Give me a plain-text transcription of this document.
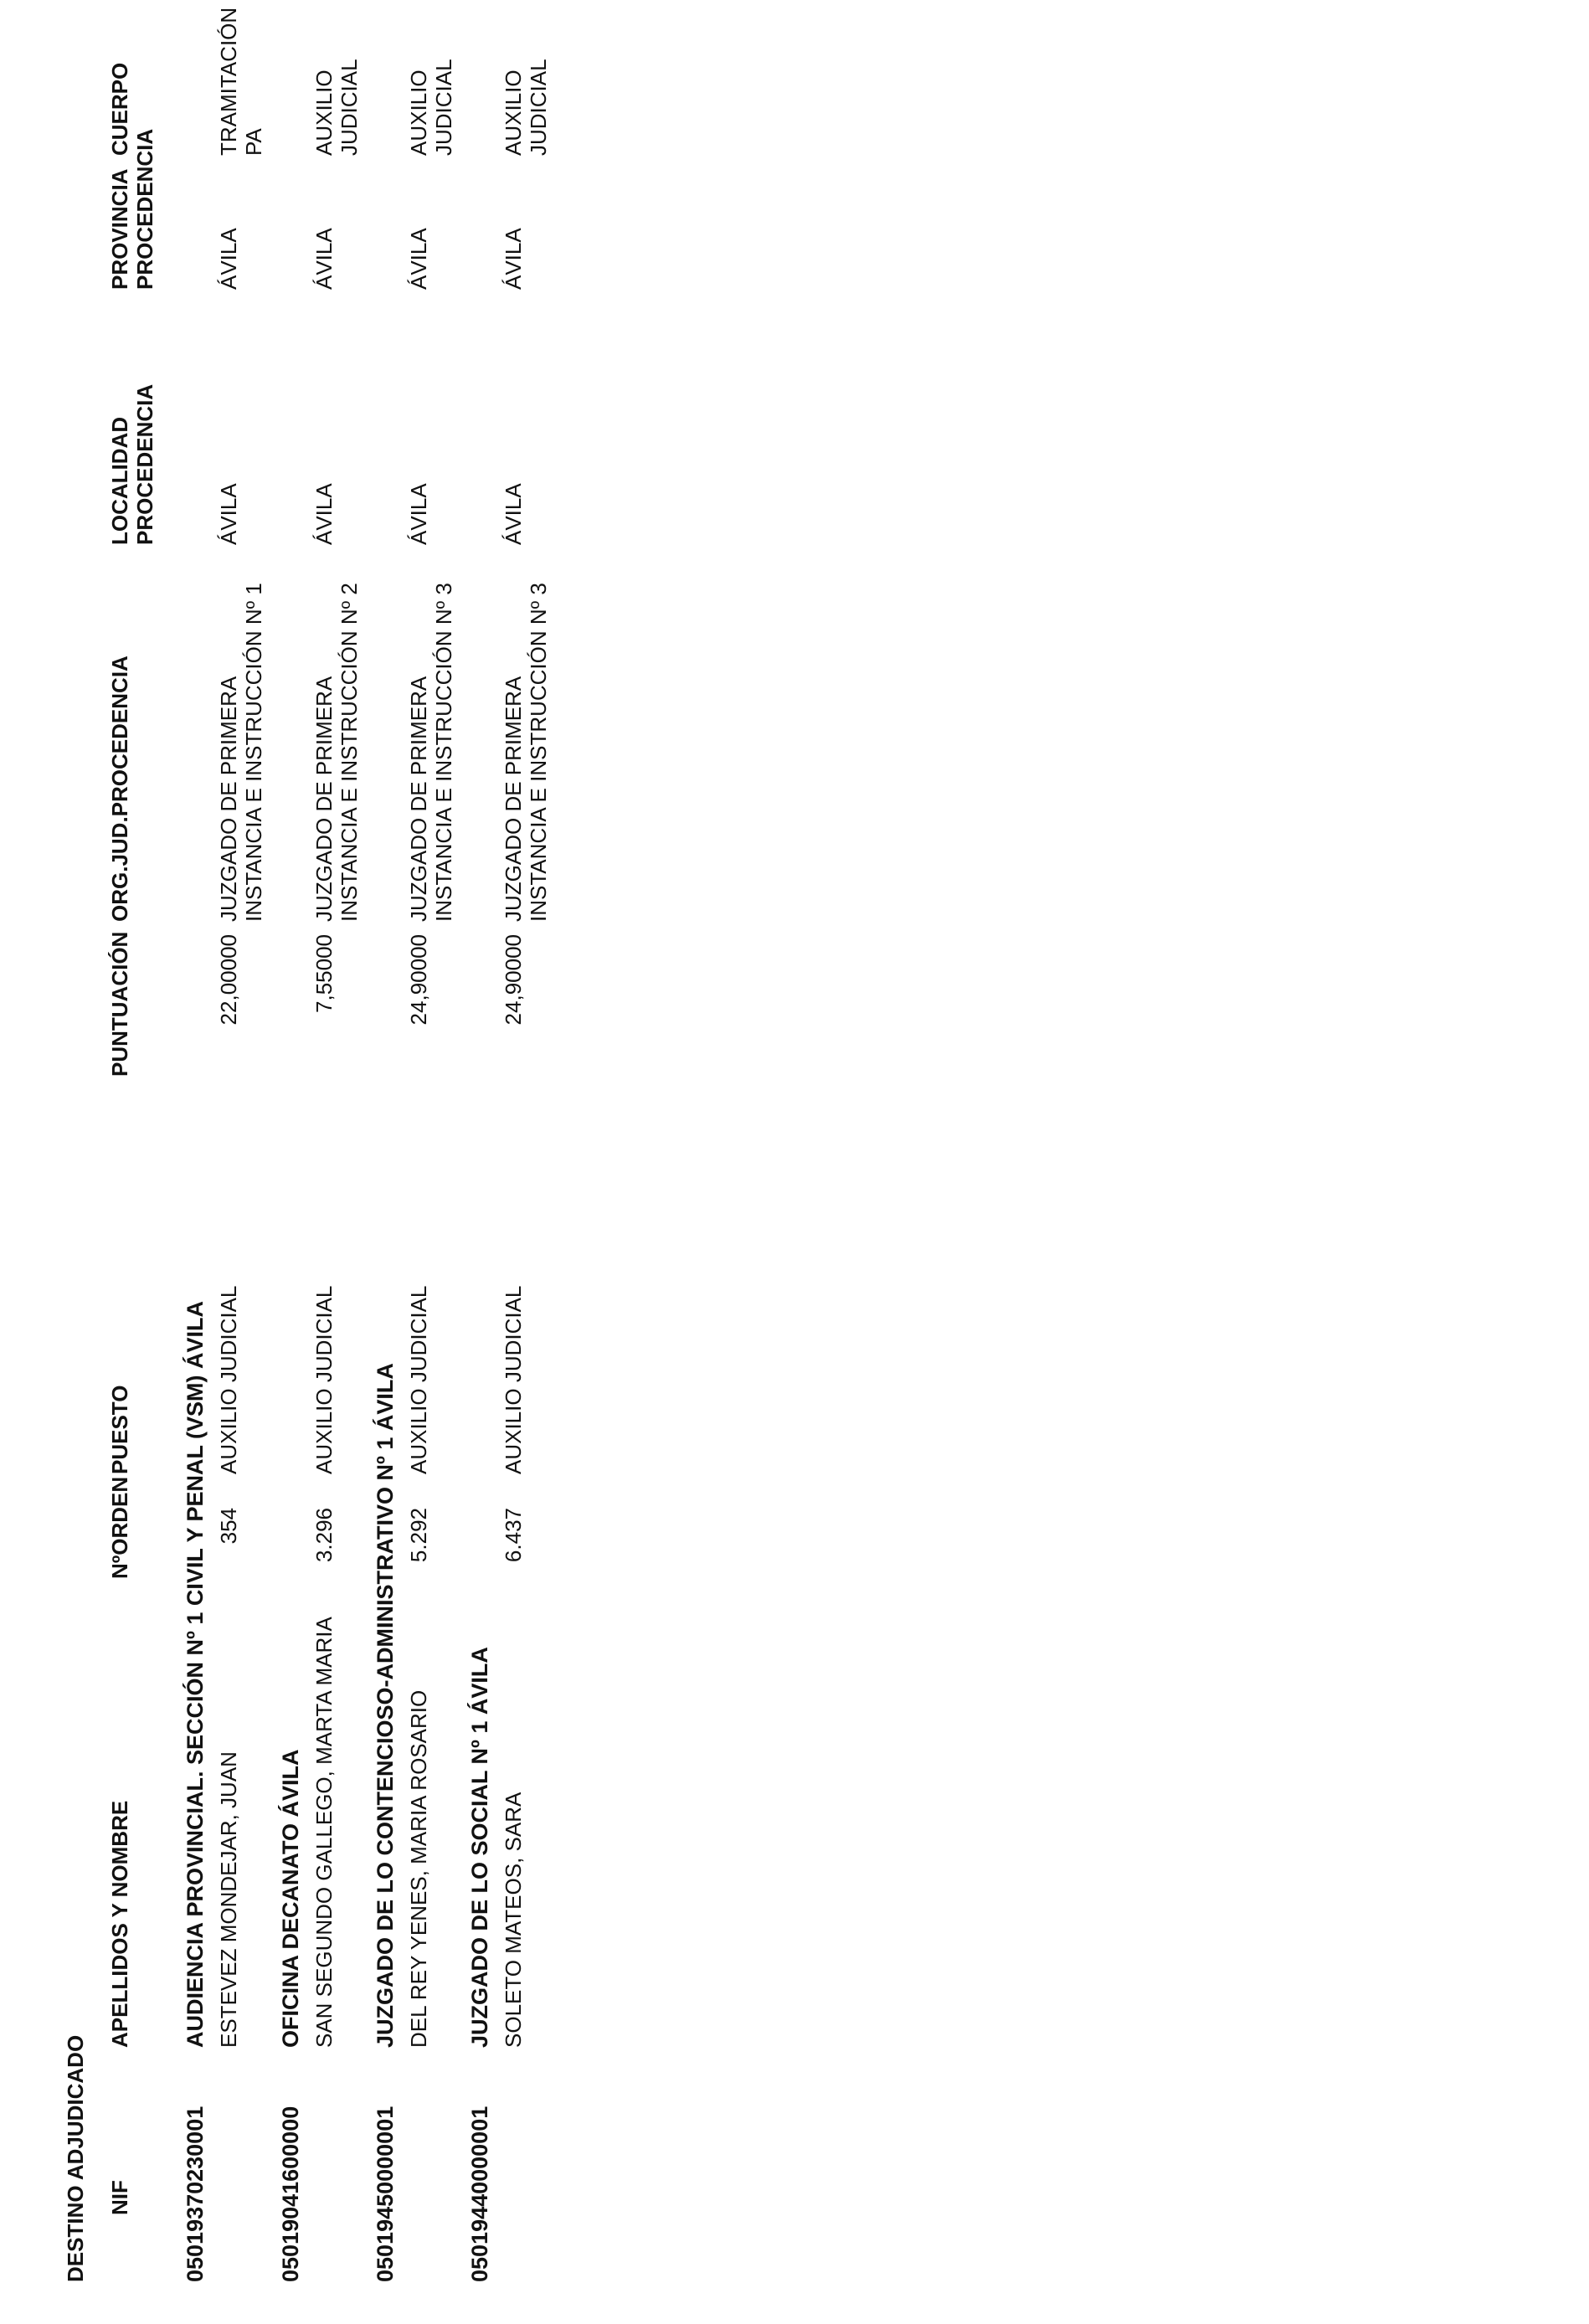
DESTINO ADJUDICADO NIF
APELLIDOS Y NOMBRE
NºORDEN
PUESTO
PUNTUACIÓN
ORG.JUD.PROCEDENCIA
LOCALIDAD PROCEDENCIA
PROVINCIA PROCEDENCIA
CUERPO
05019370230001
AUDIENCIA PROVINCIAL. SECCIÓN Nº 1 CIVIL Y PENAL (VSM) ÁVILA ESTEVEZ MONDEJAR, JUAN
354
AUXILIO JUDICIAL
22,00000
JUZGADO DE PRIMERA INSTANCIA E INSTRUCCIÓN Nº 1
ÁVILA
ÁVILA
TRAMITACIÓN PA
05019041600000
OFICINA DECANATO ÁVILA SAN SEGUNDO GALLEGO, MARTA MARIA
3.296
AUXILIO JUDICIAL
7,55000
JUZGADO DE PRIMERA INSTANCIA E INSTRUCCIÓN Nº 2
ÁVILA
ÁVILA
AUXILIO JUDICIAL
05019450000001
JUZGADO DE LO CONTENCIOSO-ADMINISTRATIVO Nº 1 ÁVILA DEL REY YENES, MARIA ROSARIO
5.292
AUXILIO JUDICIAL
24,90000
JUZGADO DE PRIMERA INSTANCIA E INSTRUCCIÓN Nº 3
ÁVILA
ÁVILA
AUXILIO JUDICIAL
05019440000001
JUZGADO DE LO SOCIAL Nº 1 ÁVILA SOLETO MATEOS, SARA
6.437
AUXILIO JUDICIAL
24,90000
JUZGADO DE PRIMERA INSTANCIA E INSTRUCCIÓN Nº 3
ÁVILA
ÁVILA
AUXILIO JUDICIAL
